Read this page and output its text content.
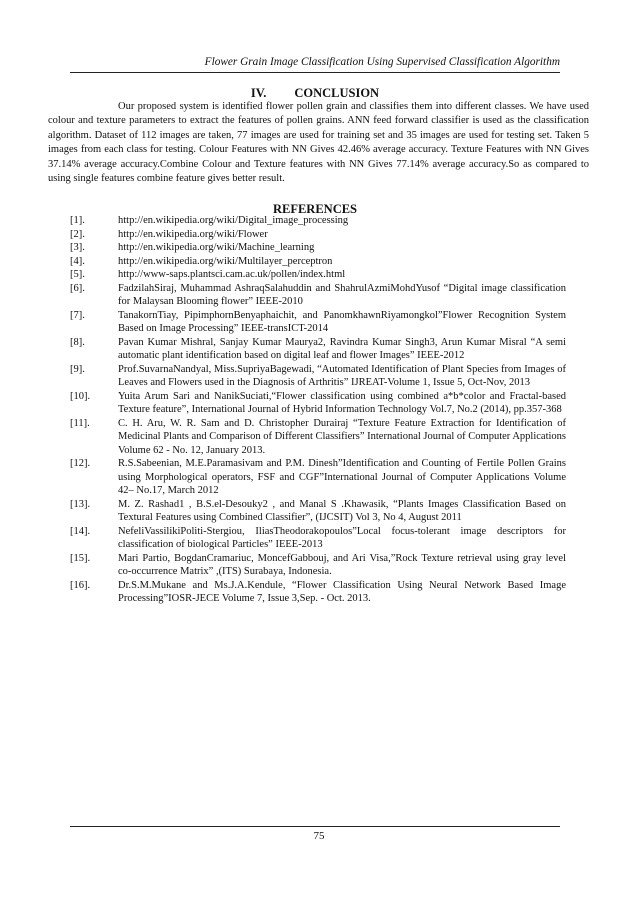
Flower Grain Image Classification Using Supervised Classification Algorithm
IV. CONCLUSION

Our proposed system is identified flower pollen grain and classifies them into different classes. We have used colour and texture parameters to extract the features of pollen grains. ANN feed forward classifier is used as the classification algorithm. Dataset of 112 images are taken, 77 images are used for training set and 35 images are used for testing set. Taken 5 images from each class for testing. Colour Features with NN Gives 42.46% average accuracy. Texture Features with NN Gives 37.14% average accuracy.Combine Colour and Texture features with NN Gives 77.14% average accuracy.So as compared to using single features combine feature gives better result.

REFERENCES
[1].	http://en.wikipedia.org/wiki/Digital_image_processing
[2].	http://en.wikipedia.org/wiki/Flower
[3].	http://en.wikipedia.org/wiki/Machine_learning
[4].	http://en.wikipedia.org/wiki/Multilayer_perceptron
[5].	http://www-saps.plantsci.cam.ac.uk/pollen/index.html
[6].	FadzilahSiraj, Muhammad AshraqSalahuddin and ShahrulAzmiMohdYusof “Digital image classification for Malaysan Blooming flower” IEEE-2010
[7].	TanakornTiay, PipimphornBenyaphaichit, and PanomkhawnRiyamongkol”Flower Recognition System Based on Image Processing” IEEE-transICT-2014
[8].	Pavan Kumar Mishral, Sanjay Kumar Maurya2, Ravindra Kumar Singh3, Arun Kumar Misral “A semi automatic plant identification based on digital leaf and flower Images” IEEE-2012
[9].	Prof.SuvarnaNandyal, Miss.SupriyaBagewadi, “Automated Identification of Plant Species from Images of Leaves and Flowers used in the Diagnosis of Arthritis” IJREAT-Volume 1, Issue 5, Oct-Nov, 2013
[10].	Yuita Arum Sari and NanikSuciati,“Flower classification using combined a*b*color and Fractal-based Texture feature”, International Journal of Hybrid Information Technology Vol.7, No.2 (2014), pp.357-368
[11].	C. H. Aru, W. R. Sam and D. Christopher Durairaj “Texture Feature Extraction for Identification of Medicinal Plants and Comparison of Different Classifiers” International Journal of Computer Applications Volume 62 - No. 12, January 2013.
[12].	R.S.Sabeenian, M.E.Paramasivam and P.M. Dinesh”Identification and Counting of Fertile Pollen Grains using Morphological operators, FSF and CGF”International Journal of Computer Applications Volume 42– No.17, March 2012
[13].	M. Z. Rashad1 , B.S.el-Desouky2 , and Manal S .Khawasik, “Plants Images Classification Based on Textural Features using Combined Classifier”, (IJCSIT) Vol 3, No 4, August 2011
[14].	NefeliVassilikiPoliti-Stergiou, IliasTheodorakopoulos”Local focus-tolerant image descriptors for classification of biological Particles” IEEE-2013
[15].	Mari Partio, BogdanCramariuc, MoncefGabbouj, and Ari Visa,”Rock Texture retrieval using gray level co-occurrence Matrix” ,(ITS) Surabaya, Indonesia.
[16].	Dr.S.M.Mukane and Ms.J.A.Kendule, “Flower Classification Using Neural Network Based Image Processing”IOSR-JECE Volume 7, Issue 3,Sep. - Oct. 2013.
75
